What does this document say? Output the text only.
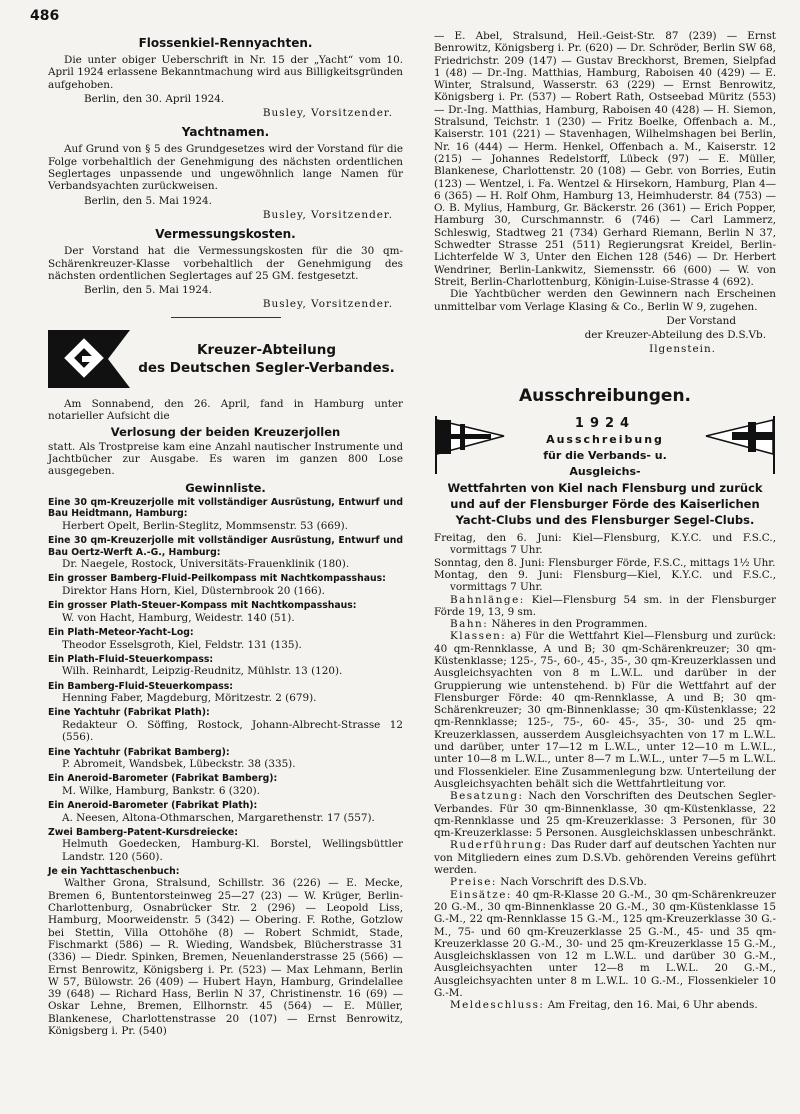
486
Flossenkiel-Rennyachten.

Die unter obiger Ueberschrift in Nr. 15 der „Yacht“ vom 10. April 1924 erlassene Bekanntmachung wird aus Billigkeitsgründen aufgehoben.

Berlin, den 30. April 1924.
Busley, Vorsitzender.
Yachtnamen.

Auf Grund von § 5 des Grundgesetzes wird der Vorstand für die Folge vorbehaltlich der Genehmigung des nächsten ordentlichen Seglertages unpassende und ungewöhnlich lange Namen für Verbandsyachten zurückweisen.

Berlin, den 5. Mai 1924.
Busley, Vorsitzender.
Vermessungskosten.

Der Vorstand hat die Vermessungskosten für die 30 qm-Schärenkreuzer-Klasse vorbehaltlich der Genehmigung des nächsten ordentlichen Seglertages auf 25 GM. festgesetzt.

Berlin, den 5. Mai 1924.
Busley, Vorsitzender.
Kreuzer-Abteilung
des Deutschen Segler-Verbandes.

Am Sonnabend, den 26. April, fand in Hamburg unter notarieller Aufsicht die

Verlosung der beiden Kreuzerjollen

statt. Als Trostpreise kam eine Anzahl nautischer Instrumente und Jachtbücher zur Ausgabe. Es waren im ganzen 800 Lose ausgegeben.

Gewinnliste.
Eine 30 qm-Kreuzerjolle mit vollständiger Ausrüstung, Entwurf und Bau Heidtmann, Hamburg:
Herbert Opelt, Berlin-Steglitz, Mommsenstr. 53 (669).
Eine 30 qm-Kreuzerjolle mit vollständiger Ausrüstung, Entwurf und Bau Oertz-Werft A.-G., Hamburg:
Dr. Naegele, Rostock, Universitäts-Frauenklinik (180).
Ein grosser Bamberg-Fluid-Peilkompass mit Nachtkompasshaus:
Direktor Hans Horn, Kiel, Düsternbrook 20 (166).
Ein grosser Plath-Steuer-Kompass mit Nachtkompasshaus:
W. von Hacht, Hamburg, Weidestr. 140 (51).
Ein Plath-Meteor-Yacht-Log:
Theodor Esselsgroth, Kiel, Feldstr. 131 (135).
Ein Plath-Fluid-Steuerkompass:
Wilh. Reinhardt, Leipzig-Reudnitz, Mühlstr. 13 (120).
Ein Bamberg-Fluid-Steuerkompass:
Henning Faber, Magdeburg, Möritzestr. 2 (679).
Eine Yachtuhr (Fabrikat Plath):
Redakteur O. Söffing, Rostock, Johann-Albrecht-Strasse 12 (556).
Eine Yachtuhr (Fabrikat Bamberg):
P. Abromeit, Wandsbek, Lübeckstr. 38 (335).
Ein Aneroid-Barometer (Fabrikat Bamberg):
M. Wilke, Hamburg, Bankstr. 6 (320).
Ein Aneroid-Barometer (Fabrikat Plath):
A. Neesen, Altona-Othmarschen, Margarethenstr. 17 (557).
Zwei Bamberg-Patent-Kursdreiecke:
Helmuth Goedecken, Hamburg-Kl. Borstel, Wellingsbüttler Landstr. 120 (560).
Je ein Yachttaschenbuch:

Walther Grona, Stralsund, Schillstr. 36 (226) — E. Mecke, Bremen 6, Buntentorsteinweg 25—27 (23) — W. Krüger, Berlin-Charlottenburg, Osnabrücker Str. 2 (296) — Leopold Liss, Hamburg, Moorweidenstr. 5 (342) — Obering. F. Rothe, Gotzlow bei Stettin, Villa Ottohöhe (8) — Robert Schmidt, Stade, Fischmarkt (586) — R. Wieding, Wandsbek, Blücherstrasse 31 (336) — Diedr. Spinken, Bremen, Neuenlanderstrasse 25 (566) — Ernst Benrowitz, Königsberg i. Pr. (523) — Max Lehmann, Berlin W 57, Bülowstr. 26 (409) — Hubert Hayn, Hamburg, Grindelallee 39 (648) — Richard Hass, Berlin N 37, Christinenstr. 16 (69) — Oskar Lehne, Bremen, Ellhornstr. 45 (564) — E. Müller, Blankenese, Charlottenstrasse 20 (107) — Ernst Benrowitz, Königsberg i. Pr. (540)

— E. Abel, Stralsund, Heil.-Geist-Str. 87 (239) — Ernst Benrowitz, Königsberg i. Pr. (620) — Dr. Schröder, Berlin SW 68, Friedrichstr. 209 (147) — Gustav Breckhorst, Bremen, Sielpfad 1 (48) — Dr.-Ing. Matthias, Hamburg, Raboisen 40 (429) — E. Winter, Stralsund, Wasserstr. 63 (229) — Ernst Benrowitz, Königsberg i. Pr. (537) — Robert Rath, Ostseebad Müritz (553) — Dr.-Ing. Matthias, Hamburg, Raboisen 40 (428) — H. Siemon, Stralsund, Teichstr. 1 (230) — Fritz Boelke, Offenbach a. M., Kaiserstr. 101 (221) — Stavenhagen, Wilhelmshagen bei Berlin, Nr. 16 (444) — Herm. Henkel, Offenbach a. M., Kaiserstr. 12 (215) — Johannes Redelstorff, Lübeck (97) — E. Müller, Blankenese, Charlottenstr. 20 (108) — Gebr. von Borries, Eutin (123) — Wentzel, i. Fa. Wentzel & Hirsekorn, Hamburg, Plan 4—6 (365) — H. Rolf Ohm, Hamburg 13, Heimhuderstr. 84 (753) — O. B. Mylius, Hamburg, Gr. Bäckerstr. 26 (361) — Erich Popper, Hamburg 30, Curschmannstr. 6 (746) — Carl Lammerz, Schleswig, Stadtweg 21 (734) Gerhard Riemann, Berlin N 37, Schwedter Strasse 251 (511) Regierungsrat Kreidel, Berlin-Lichterfelde W 3, Unter den Eichen 128 (546) — Dr. Herbert Wendriner, Berlin-Lankwitz, Siemensstr. 66 (600) — W. von Streit, Berlin-Charlottenburg, Königin-Luise-Strasse 4 (692).

Die Yachtbücher werden den Gewinnern nach Erscheinen unmittelbar vom Verlage Klasing & Co., Berlin W 9, zugehen.

Der Vorstand
der Kreuzer-Abteilung des D.S.Vb.
Ilgenstein.
Ausschreibungen.
1924
Ausschreibung
für die Verbands- u. Ausgleichs-
Wettfahrten von Kiel nach Flensburg und zurück und auf der Flensburger Förde des Kaiserlichen Yacht-Clubs und des Flensburger Segel-Clubs.

Freitag, den 6. Juni: Kiel—Flensburg, K.Y.C. und F.S.C., vormittags 7 Uhr.

Sonntag, den 8. Juni: Flensburger Förde, F.S.C., mittags 1½ Uhr.

Montag, den 9. Juni: Flensburg—Kiel, K.Y.C. und F.S.C., vormittags 7 Uhr.

Bahnlänge: Kiel—Flensburg 54 sm. in der Flensburger Förde 19, 13, 9 sm.

Bahn: Näheres in den Programmen.

Klassen: a) Für die Wettfahrt Kiel—Flensburg und zurück: 40 qm-Rennklasse, A und B; 30 qm-Schärenkreuzer; 30 qm-Küstenklasse; 125-, 75-, 60-, 45-, 35-, 30 qm-Kreuzerklassen und Ausgleichsyachten von 8 m L.W.L. und darüber in der Gruppierung wie untenstehend. b) Für die Wettfahrt auf der Flensburger Förde: 40 qm-Rennklasse, A und B; 30 qm-Schärenkreuzer; 30 qm-Binnenklasse; 30 qm-Küstenklasse; 22 qm-Rennklasse; 125-, 75-, 60- 45-, 35-, 30- und 25 qm-Kreuzerklassen, ausserdem Ausgleichsyachten von 17 m L.W.L. und darüber, unter 17—12 m L.W.L., unter 12—10 m L.W.L., unter 10—8 m L.W.L., unter 8—7 m L.W.L., unter 7—5 m L.W.L. und Flossenkieler. Eine Zusammenlegung bzw. Unterteilung der Ausgleichsyachten behält sich die Wettfahrtleitung vor.

Besatzung: Nach den Vorschriften des Deutschen Segler-Verbandes. Für 30 qm-Binnenklasse, 30 qm-Küstenklasse, 22 qm-Rennklasse und 25 qm-Kreuzerklasse: 3 Personen, für 30 qm-Kreuzerklasse: 5 Personen. Ausgleichsklassen unbeschränkt.

Ruderführung: Das Ruder darf auf deutschen Yachten nur von Mitgliedern eines zum D.S.Vb. gehörenden Vereins geführt werden.

Preise: Nach Vorschrift des D.S.Vb.

Einsätze: 40 qm-R-Klasse 20 G.-M., 30 qm-Schärenkreuzer 20 G.-M., 30 qm-Binnenklasse 20 G.-M., 30 qm-Küstenklasse 15 G.-M., 22 qm-Rennklasse 15 G.-M., 125 qm-Kreuzerklasse 30 G.-M., 75- und 60 qm-Kreuzerklasse 25 G.-M., 45- und 35 qm-Kreuzerklasse 20 G.-M., 30- und 25 qm-Kreuzerklasse 15 G.-M., Ausgleichsklassen von 12 m L.W.L. und darüber 30 G.-M., Ausgleichsyachten unter 12—8 m L.W.L. 20 G.-M., Ausgleichsyachten unter 8 m L.W.L. 10 G.-M., Flossenkieler 10 G.-M.

Meldeschluss: Am Freitag, den 16. Mai, 6 Uhr abends.
